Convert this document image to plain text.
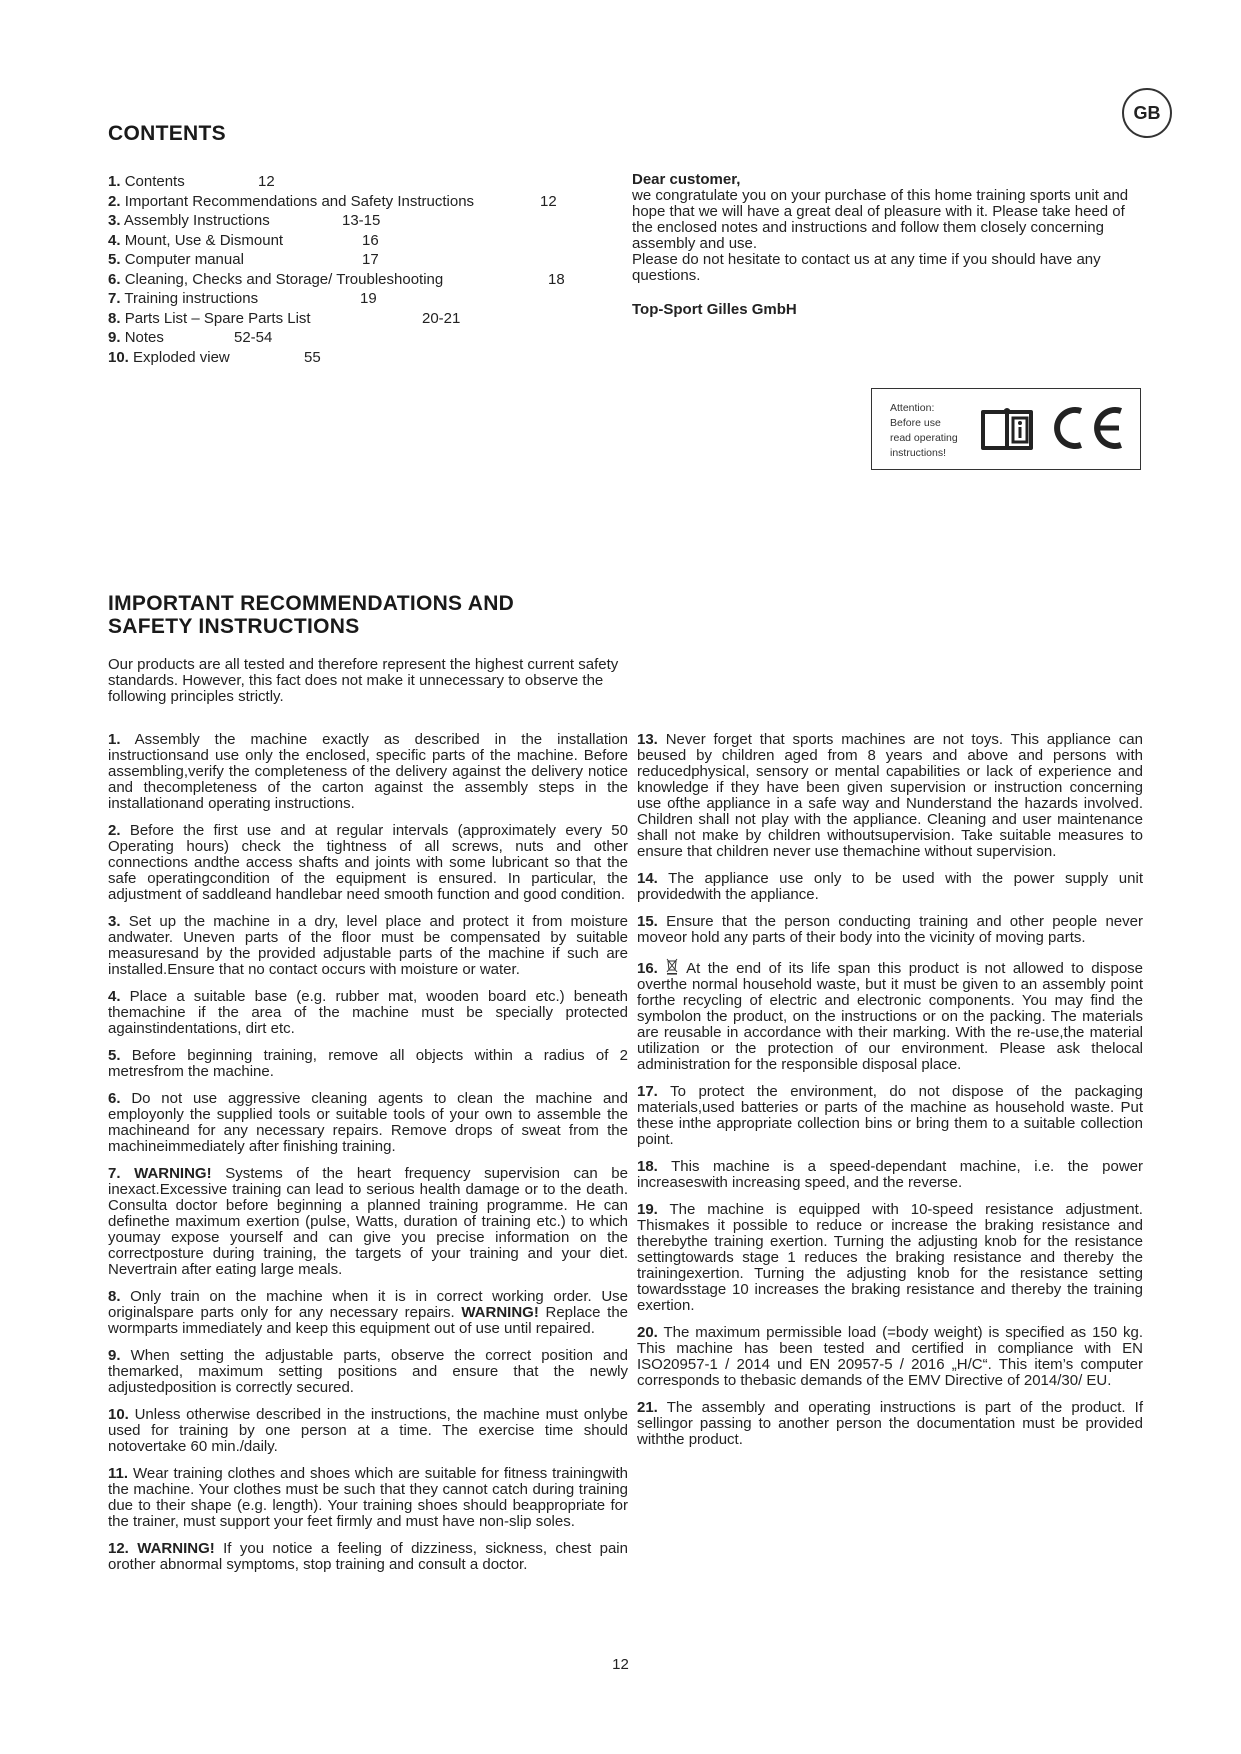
CONTENTS
GB
1. Contents	12
2. Important Recommendations and Safety Instructions	12
3. Assembly Instructions	13-15
4. Mount, Use & Dismount	16
5. Computer manual	17
6. Cleaning, Checks and Storage/ Troubleshooting	18
7. Training instructions	19
8. Parts List – Spare Parts List	20-21
9. Notes	52-54
10. Exploded view	55
Dear customer,
we congratulate you on your purchase of this home training sports unit and hope that we will have a great deal of pleasure with it. Please take heed of the enclosed notes and instructions and follow them closely concerning assembly and use.
Please do not hesitate to contact us at any time if you should have any questions.
Top-Sport Gilles GmbH
Attention:
Before use
read operating
instructions!
IMPORTANT RECOMMENDATIONS AND
SAFETY INSTRUCTIONS
Our products are all tested and therefore represent the highest current safety standards. However, this fact does not make it unnecessary to observe the following principles strictly.
1. Assembly the machine exactly as described in the installation instructionsand use only the enclosed, specific parts of the machine. Before assembling,verify the completeness of the delivery against the delivery notice and thecompleteness of the carton against the assembly steps in the installationand operating instructions.
2. Before the first use and at regular intervals (approximately every 50 Operating hours) check the tightness of all screws, nuts and other connections andthe access shafts and joints with some lubricant so that the safe operatingcondition of the equipment is ensured. In particular, the adjustment of saddleand handlebar need smooth function and good condition.
3. Set up the machine in a dry, level place and protect it from moisture andwater. Uneven parts of the floor must be compensated by suitable measuresand by the provided adjustable parts of the machine if such are installed.Ensure that no contact occurs with moisture or water.
4. Place a suitable base (e.g. rubber mat, wooden board etc.) beneath themachine if the area of the machine must be specially protected againstindentations, dirt etc.
5. Before beginning training, remove all objects within a radius of 2 metresfrom the machine.
6. Do not use aggressive cleaning agents to clean the machine and employonly the supplied tools or suitable tools of your own to assemble the machineand for any necessary repairs. Remove drops of sweat from the machineimmediately after finishing training.
7. WARNING! Systems of the heart frequency supervision can be inexact.Excessive training can lead to serious health damage or to the death. Consulta doctor before beginning a planned training programme. He can definethe maximum exertion (pulse, Watts, duration of training etc.) to which youmay expose yourself and can give you precise information on the correctposture during training, the targets of your training and your diet. Nevertrain after eating large meals.
8. Only train on the machine when it is in correct working order. Use originalspare parts only for any necessary repairs. WARNING! Replace the wormparts immediately and keep this equipment out of use until repaired.
9. When setting the adjustable parts, observe the correct position and themarked, maximum setting positions and ensure that the newly adjustedposition is correctly secured.
10. Unless otherwise described in the instructions, the machine must onlybe used for training by one person at a time. The exercise time should notovertake 60 min./daily.
11. Wear training clothes and shoes which are suitable for fitness trainingwith the machine. Your clothes must be such that they cannot catch during training due to their shape (e.g. length). Your training shoes should beappropriate for the trainer, must support your feet firmly and must have non-slip soles.
12. WARNING! If you notice a feeling of dizziness, sickness, chest pain orother abnormal symptoms, stop training and consult a doctor.
13. Never forget that sports machines are not toys. This appliance can beused by children aged from 8 years and above and persons with reducedphysical, sensory or mental capabilities or lack of experience and knowledge if they have been given supervision or instruction concerning use ofthe appliance in a safe way and Nunderstand the hazards involved. Children shall not play with the appliance. Cleaning and user maintenance shall not make by children withoutsupervision. Take suitable measures to ensure that children never use themachine without supervision.
14. The appliance use only to be used with the power supply unit providedwith the appliance.
15. Ensure that the person conducting training and other people never moveor hold any parts of their body into the vicinity of moving parts.
16. At the end of its life span this product is not allowed to dispose overthe normal household waste, but it must be given to an assembly point forthe recycling of electric and electronic components. You may find the symbolon the product, on the instructions or on the packing. The materials are reusable in accordance with their marking. With the re-use,the material utilization or the protection of our environment. Please ask thelocal administration for the responsible disposal place.
17. To protect the environment, do not dispose of the packaging materials,used batteries or parts of the machine as household waste. Put these inthe appropriate collection bins or bring them to a suitable collection point.
18. This machine is a speed-dependant machine, i.e. the power increaseswith increasing speed, and the reverse.
19. The machine is equipped with 10-speed resistance adjustment. Thismakes it possible to reduce or increase the braking resistance and therebythe training exertion. Turning the adjusting knob for the resistance settingtowards stage 1 reduces the braking resistance and thereby the trainingexertion. Turning the adjusting knob for the resistance setting towardsstage 10 increases the braking resistance and thereby the training exertion.
20. The maximum permissible load (=body weight) is specified as 150 kg. This machine has been tested and certified in compliance with EN ISO20957-1 / 2014 und EN 20957-5 / 2016 „H/C“. This item’s computer corresponds to thebasic demands of the EMV Directive of 2014/30/ EU.
21. The assembly and operating instructions is part of the product. If sellingor passing to another person the documentation must be provided withthe product.
12
